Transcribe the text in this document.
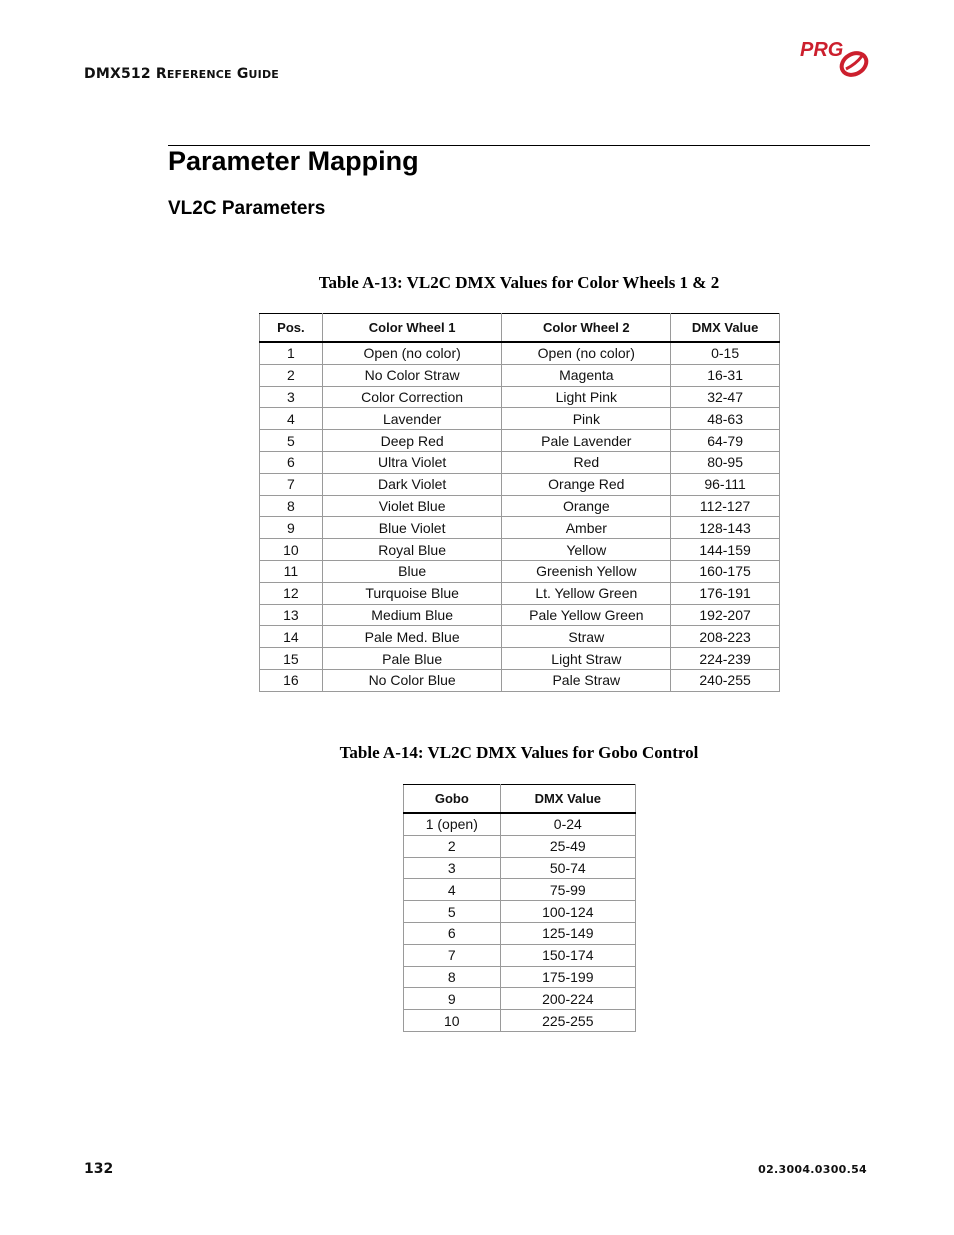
DMX512 REFERENCE GUIDE
PRG
Parameter Mapping
VL2C Parameters
Table A-13: VL2C DMX Values for Color Wheels 1 & 2
Pos.	Color Wheel 1	Color Wheel 2	DMX Value
1	Open (no color)	Open (no color)	0-15
2	No Color Straw	Magenta	16-31
3	Color Correction	Light Pink	32-47
4	Lavender	Pink	48-63
5	Deep Red	Pale Lavender	64-79
6	Ultra Violet	Red	80-95
7	Dark Violet	Orange Red	96-111
8	Violet Blue	Orange	112-127
9	Blue Violet	Amber	128-143
10	Royal Blue	Yellow	144-159
11	Blue	Greenish Yellow	160-175
12	Turquoise Blue	Lt. Yellow Green	176-191
13	Medium Blue	Pale Yellow Green	192-207
14	Pale Med. Blue	Straw	208-223
15	Pale Blue	Light Straw	224-239
16	No Color Blue	Pale Straw	240-255
Table A-14: VL2C DMX Values for Gobo Control
Gobo	DMX Value
1 (open)	0-24
2	25-49
3	50-74
4	75-99
5	100-124
6	125-149
7	150-174
8	175-199
9	200-224
10	225-255
132	02.3004.0300.54
